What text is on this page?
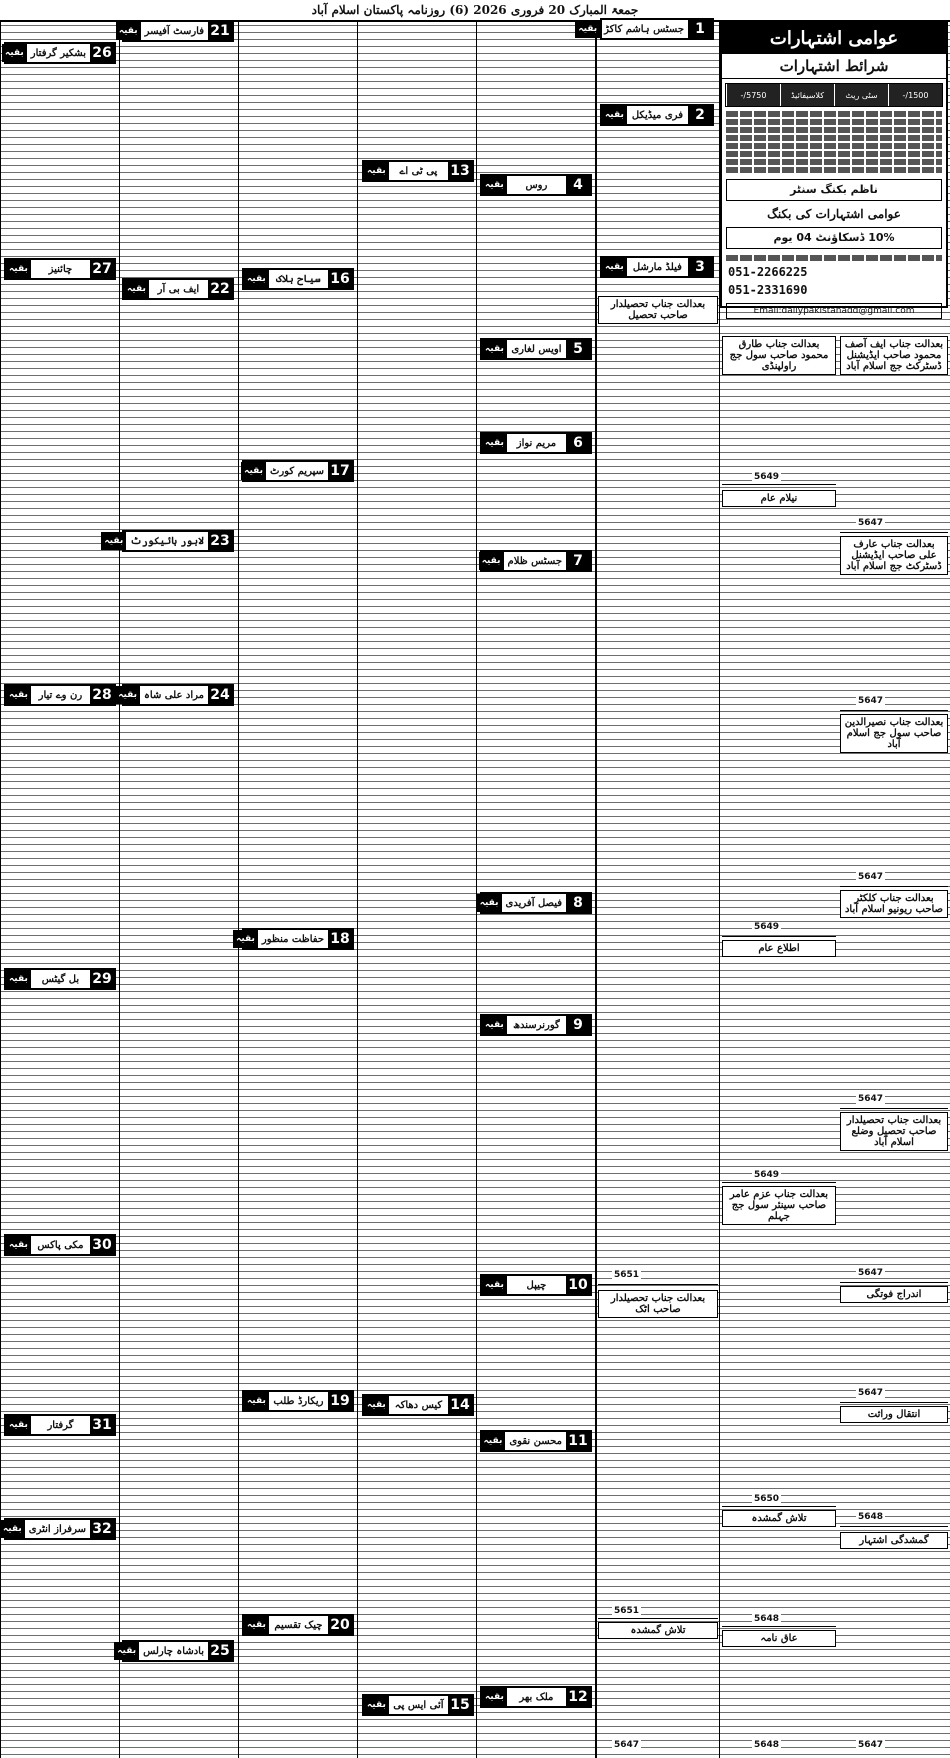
جمعۃ المبارک 20 فروری 2026 (6) روزنامہ پاکستان اسلام آباد
1
جسٹس ہاشم کاکڑ
بقیہ
2
فری میڈیکل
بقیہ
3
فیلڈ مارشل
بقیہ
4
روس
بقیہ
5
اویس لغاری
بقیہ
6
مریم نواز
بقیہ
7
جسٹس ظلام
بقیہ
8
فیصل آفریدی
بقیہ
9
گورنرسندھ
بقیہ
10
چیپل
بقیہ
11
محسن نقوی
بقیہ
12
ملک بھر
بقیہ
13
پی ٹی اے
بقیہ
14
کیس دھاکہ
بقیہ
15
آئی ایس پی
بقیہ
16
سیاح ہلاک
بقیہ
17
سپریم کورٹ
بقیہ
18
حفاظت منظور
بقیہ
19
ریکارڈ طلب
بقیہ
20
چیک تقسیم
بقیہ
21
فارسٹ آفیسر
بقیہ
22
ایف بی آر
بقیہ
23
لاہور ہائیکورٹ
بقیہ
24
مراد علی شاہ
بقیہ
25
بادشاہ چارلس
بقیہ
26
بشکیر گرفتار
بقیہ
27
چائنیز
بقیہ
28
رن وے تیار
بقیہ
29
بل گیٹس
بقیہ
30
مکی پاکس
بقیہ
31
گرفتار
بقیہ
32
سرفراز انٹری
بقیہ
عوامی اشتہارات
شرائط اشتہارات
1500/-
سٹی ریٹ
کلاسیفائیڈ
5750/-
ناظم بکنگ سنٹر
عوامی اشتہارات کی بکنگ
10% ڈسکاؤنٹ 04 یوم
051-2266225
051-2331690
Email:dailypakistanadd@gmail.com
بعدالت جناب طارق محمود صاحب سول جج راولپنڈی
5649
نیلام عام
5649
اطلاع عام
5649
بعدالت جناب عزم عامر صاحب سینئر سول جج جہلم
5650
تلاش گمشدہ
5648
عاق نامہ
5648
بعدالت جناب ایف آصف محمود صاحب ایڈیشنل ڈسٹرکٹ جج اسلام آباد
5647
بعدالت جناب عارف علی صاحب ایڈیشنل ڈسٹرکٹ جج اسلام آباد
5647
بعدالت جناب نصیرالدین صاحب سول جج اسلام آباد
5647
بعدالت جناب کلکٹر صاحب ریونیو اسلام آباد
5647
بعدالت جناب تحصیلدار صاحب تحصیل وضلع اسلام آباد
5647
اندراج فوتگی
5647
انتقال وراثت
5648
گمشدگی اشتہار
5647
بعدالت جناب تحصیلدار صاحب تحصیل
5651
بعدالت جناب تحصیلدار صاحب اٹک
5651
تلاش گمشدہ
5647
